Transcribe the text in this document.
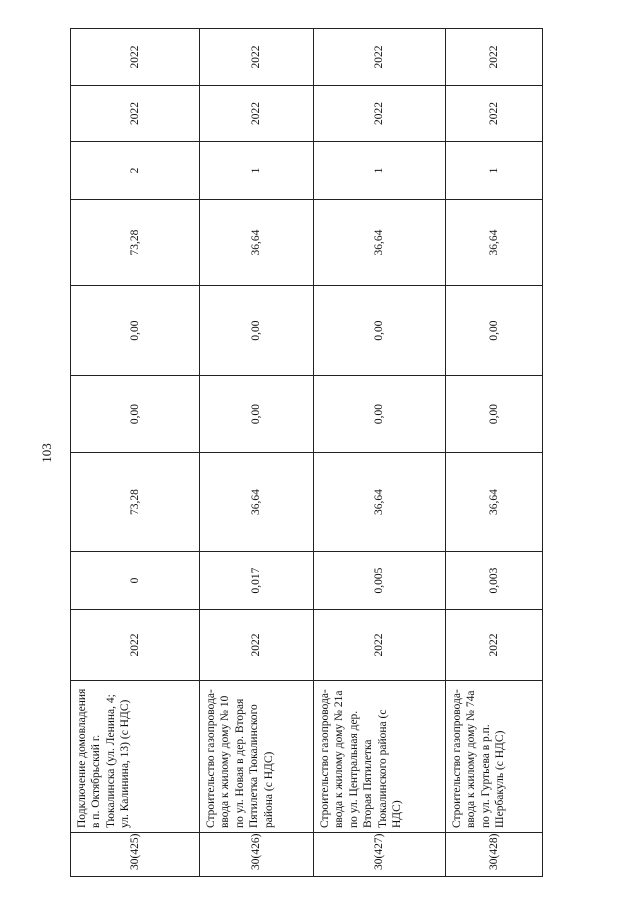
103
30(425)	Подключение домовладения в п. Октябрьский г. Тюкалинска (ул. Ленина, 4; ул. Калинина, 13) (с НДС)	2022	0	73,28	0,00	0,00	73,28	2	2022	2022
30(426)	Строительство газопровода-ввода к жилому дому № 10 по ул. Новая в дер. Вторая Пятилетка Тюкалинского района (с НДС)	2022	0,017	36,64	0,00	0,00	36,64	1	2022	2022
30(427)	Строительство газопровода-ввода к жилому дому № 21а по ул. Центральная дер. Вторая Пятилетка Тюкалинского района (с НДС)	2022	0,005	36,64	0,00	0,00	36,64	1	2022	2022
30(428)	Строительство газопровода-ввода к жилому дому № 74а по ул. Гуртьева в р.п. Шербакуль (с НДС)	2022	0,003	36,64	0,00	0,00	36,64	1	2022	2022
